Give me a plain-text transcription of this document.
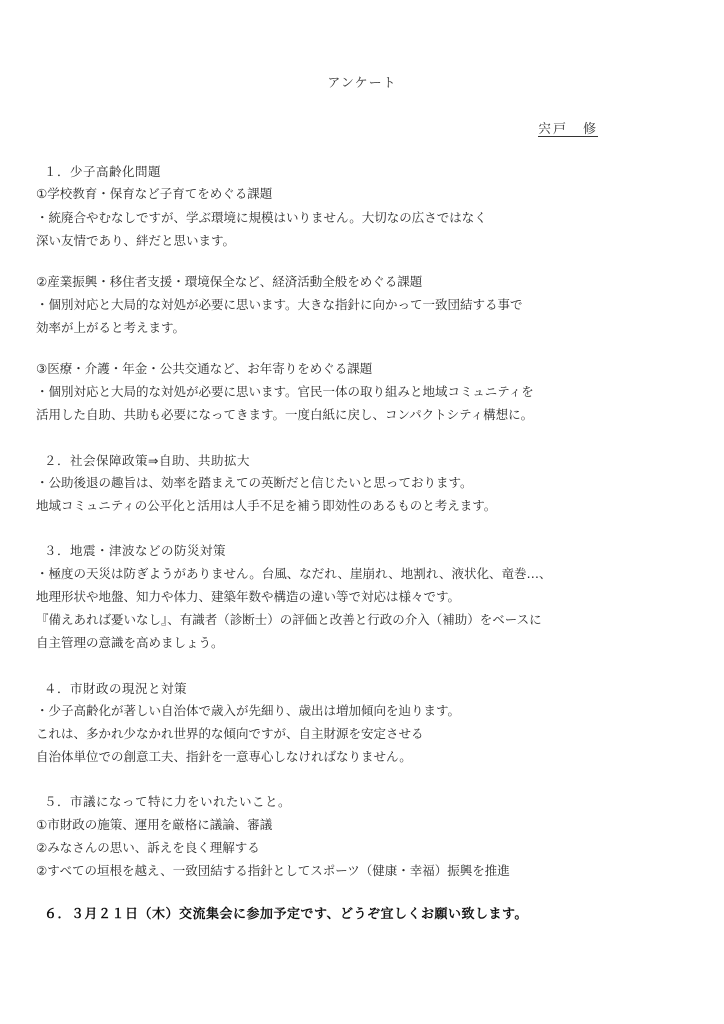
アンケート
宍戸　修
１．少子高齢化問題
①学校教育・保育など子育てをめぐる課題
・統廃合やむなしですが、学ぶ環境に規模はいりません。大切なの広さではなく
深い友情であり、絆だと思います。
②産業振興・移住者支援・環境保全など、経済活動全般をめぐる課題
・個別対応と大局的な対処が必要に思います。大きな指針に向かって一致団結する事で
効率が上がると考えます。
③医療・介護・年金・公共交通など、お年寄りをめぐる課題
・個別対応と大局的な対処が必要に思います。官民一体の取り組みと地域コミュニティを
活用した自助、共助も必要になってきます。一度白紙に戻し、コンパクトシティ構想に。
２．社会保障政策⇒自助、共助拡大
・公助後退の趣旨は、効率を踏まえての英断だと信じたいと思っております。
地域コミュニティの公平化と活用は人手不足を補う即効性のあるものと考えます。
３．地震・津波などの防災対策
・極度の天災は防ぎようがありません。台風、なだれ、崖崩れ、地割れ、液状化、竜巻…、
地理形状や地盤、知力や体力、建築年数や構造の違い等で対応は様々です。
『備えあれば憂いなし』、有識者（診断士）の評価と改善と行政の介入（補助）をベースに
自主管理の意識を高めましょう。
４．市財政の現況と対策
・少子高齢化が著しい自治体で歳入が先細り、歳出は増加傾向を辿ります。
これは、多かれ少なかれ世界的な傾向ですが、自主財源を安定させる
自治体単位での創意工夫、指針を一意専心しなければなりません。
５．市議になって特に力をいれたいこと。
①市財政の施策、運用を厳格に議論、審議
②みなさんの思い、訴えを良く理解する
②すべての垣根を越え、一致団結する指針としてスポーツ（健康・幸福）振興を推進
６．３月２１日（木）交流集会に参加予定です、どうぞ宜しくお願い致します。
